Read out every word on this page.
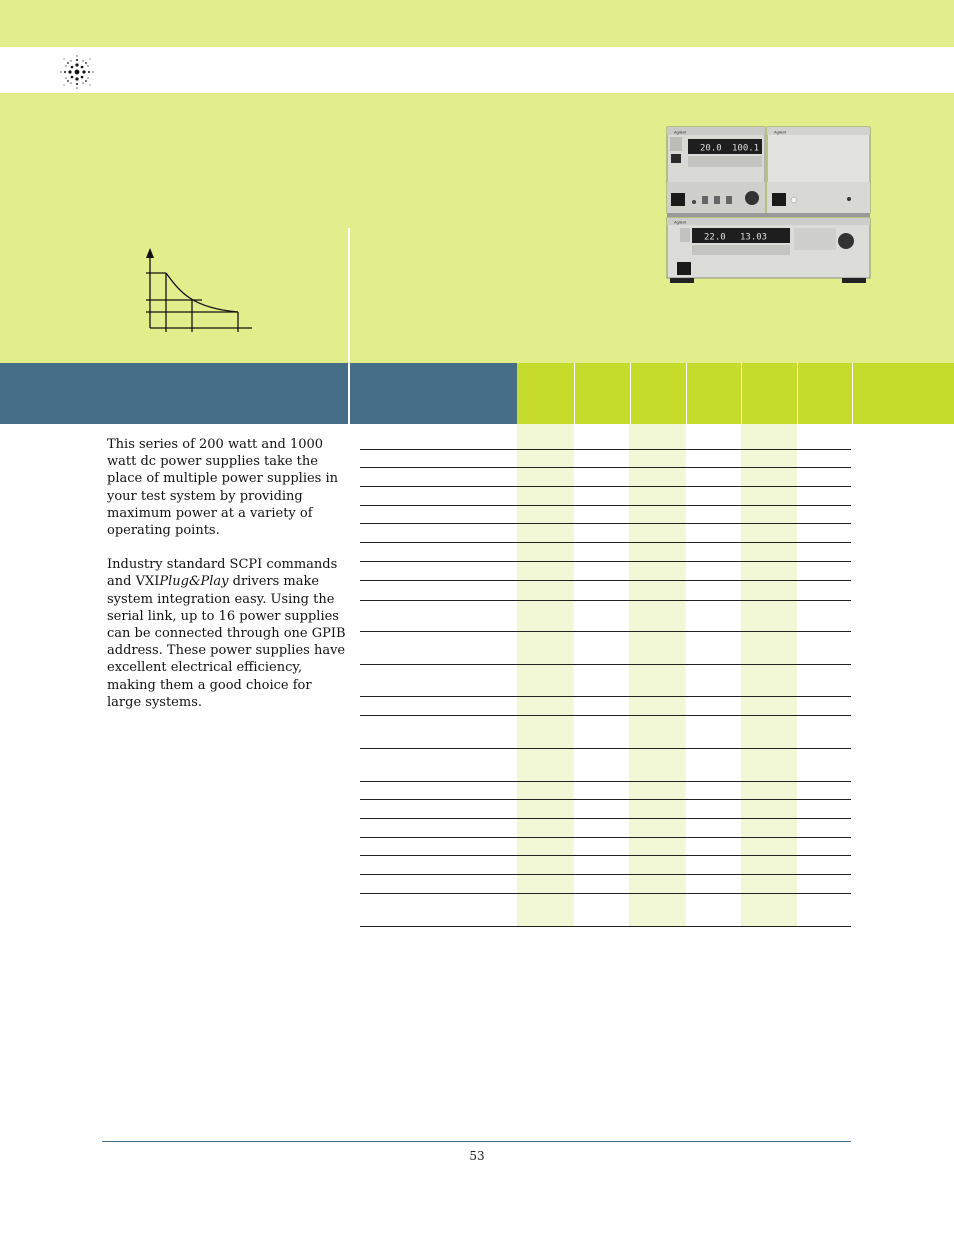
Agilent
20.0 100.1
Agilent
Agilent
22.0 13.03

This series of 200 watt and 1000 watt dc power supplies take the place of multiple power supplies in your test system by providing maximum power at a variety of operating points.

Industry standard SCPI commands and VXIPlug&Play drivers make system integration easy. Using the serial link, up to 16 power supplies can be connected through one GPIB address. These power supplies have excellent electrical efficiency, making them a good choice for large systems.

53
